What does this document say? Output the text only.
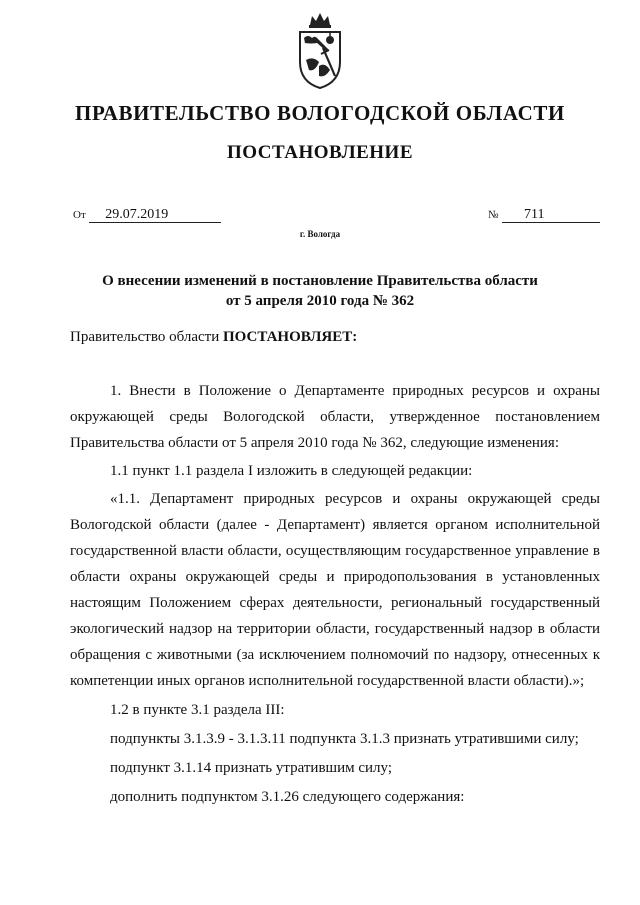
ПРАВИТЕЛЬСТВО ВОЛОГОДСКОЙ ОБЛАСТИ
ПОСТАНОВЛЕНИЕ
От 29.07.2019	№ 711
г. Вологда
О внесении изменений в постановление Правительства области
от 5 апреля 2010 года № 362
Правительство области ПОСТАНОВЛЯЕТ:

1. Внести в Положение о Департаменте природных ресурсов и охраны окружающей среды Вологодской области, утвержденное постановлением Правительства области от 5 апреля 2010 года № 362, следующие изменения:

1.1 пункт 1.1 раздела I изложить в следующей редакции:

«1.1. Департамент природных ресурсов и охраны окружающей среды Вологодской области (далее - Департамент) является органом исполнительной государственной власти области, осуществляющим государственное управление в области охраны окружающей среды и природопользования в установленных настоящим Положением сферах деятельности, региональный государственный экологический надзор на территории области, государственный надзор в области обращения с животными (за исключением полномочий по надзору, отнесенных к компетенции иных органов исполнительной государственной власти области).»;

1.2 в пункте 3.1 раздела III:

подпункты 3.1.3.9 - 3.1.3.11 подпункта 3.1.3 признать утратившими силу;

подпункт 3.1.14 признать утратившим силу;

дополнить подпунктом 3.1.26 следующего содержания:
